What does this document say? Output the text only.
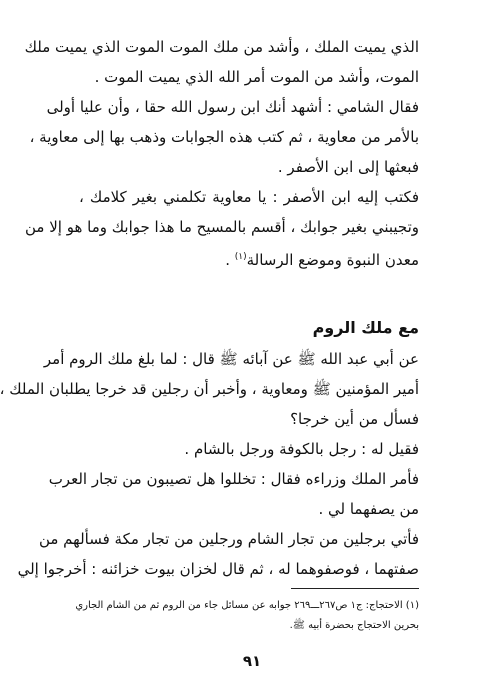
الذي يميت الملك ، وأشد من ملك الموت الموت الذي يميت ملك
الموت، وأشد من الموت أمر الله الذي يميت الموت .
فقال الشامي : أشهد أنك ابن رسول الله حقا ، وأن عليا أولى
بالأمر من معاوية ، ثم كتب هذه الجوابات وذهب بها إلى معاوية ،
فبعثها إلى ابن الأصفر .
فكتب إليه ابن الأصفر : يا معاوية تكلمني بغير كلامك ،
وتجيبني بغير جوابك ، أقسم بالمسيح ما هذا جوابك وما هو إلا من
معدن النبوة وموضع الرسالة$^{(١)}$ .
مع ملك الروم
عن أبي عبد الله ﷺ عن آبائه ﷺ قال : لما بلغ ملك الروم أمر
أمير المؤمنين ﷺ ومعاوية ، وأخبر أن رجلين قد خرجا يطلبان الملك ،
فسأل من أين خرجا؟
فقيل له : رجل بالكوفة ورجل بالشام .
فأمر الملك وزراءه فقال : تخللوا هل تصيبون من تجار العرب
من يصفهما لي .
فأتي برجلين من تجار الشام ورجلين من تجار مكة فسألهم من
صفتهما ، فوصفوهما له ، ثم قال لخزان بيوت خزائنه : أخرجوا إلي
(١) الاحتجاج: ج١ ص٢٦٧ـــ٢٦٩ جوابه عن مسائل جاء من الروم ثم من الشام الجاري
بحرين الاحتجاج بحضرة أبيه ﷺ.
٩١
